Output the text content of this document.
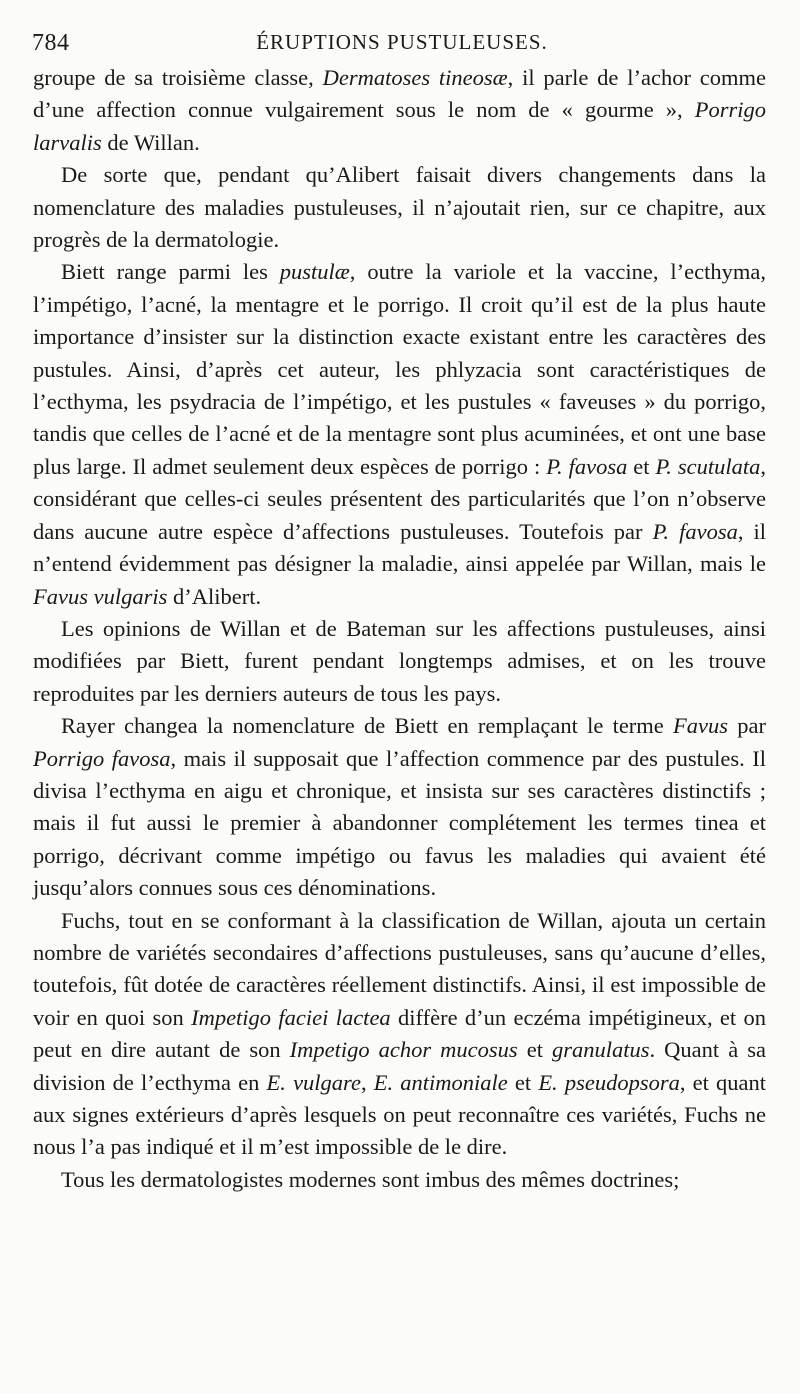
784	ÉRUPTIONS PUSTULEUSES.

groupe de sa troisième classe, Dermatoses tineosæ, il parle de l’achor comme d’une affection connue vulgairement sous le nom de « gourme », Porrigo larvalis de Willan.

De sorte que, pendant qu’Alibert faisait divers changements dans la nomenclature des maladies pustuleuses, il n’ajoutait rien, sur ce chapitre, aux progrès de la dermatologie.

Biett range parmi les pustulæ, outre la variole et la vaccine, l’ecthyma, l’impétigo, l’acné, la mentagre et le porrigo. Il croit qu’il est de la plus haute importance d’insister sur la distinction exacte existant entre les caractères des pustules. Ainsi, d’après cet auteur, les phlyzacia sont caractéristiques de l’ecthyma, les psydracia de l’impétigo, et les pustules « faveuses » du porrigo, tandis que celles de l’acné et de la mentagre sont plus acuminées, et ont une base plus large. Il admet seulement deux espèces de porrigo : P. favosa et P. scutulata, considérant que celles-ci seules présentent des particularités que l’on n’observe dans aucune autre espèce d’affections pustuleuses. Toutefois par P. favosa, il n’entend évidemment pas désigner la maladie, ainsi appelée par Willan, mais le Favus vulgaris d’Alibert.

Les opinions de Willan et de Bateman sur les affections pustuleuses, ainsi modifiées par Biett, furent pendant longtemps admises, et on les trouve reproduites par les derniers auteurs de tous les pays.

Rayer changea la nomenclature de Biett en remplaçant le terme Favus par Porrigo favosa, mais il supposait que l’affection commence par des pustules. Il divisa l’ecthyma en aigu et chronique, et insista sur ses caractères distinctifs ; mais il fut aussi le premier à abandonner complétement les termes tinea et porrigo, décrivant comme impétigo ou favus les maladies qui avaient été jusqu’alors connues sous ces dénominations.

Fuchs, tout en se conformant à la classification de Willan, ajouta un certain nombre de variétés secondaires d’affections pustuleuses, sans qu’aucune d’elles, toutefois, fût dotée de caractères réellement distinctifs. Ainsi, il est impossible de voir en quoi son Impetigo faciei lactea diffère d’un eczéma impétigineux, et on peut en dire autant de son Impetigo achor mucosus et granulatus. Quant à sa division de l’ecthyma en E. vulgare, E. antimoniale et E. pseudopsora, et quant aux signes extérieurs d’après lesquels on peut reconnaître ces variétés, Fuchs ne nous l’a pas indiqué et il m’est impossible de le dire.

Tous les dermatologistes modernes sont imbus des mêmes doctrines;
